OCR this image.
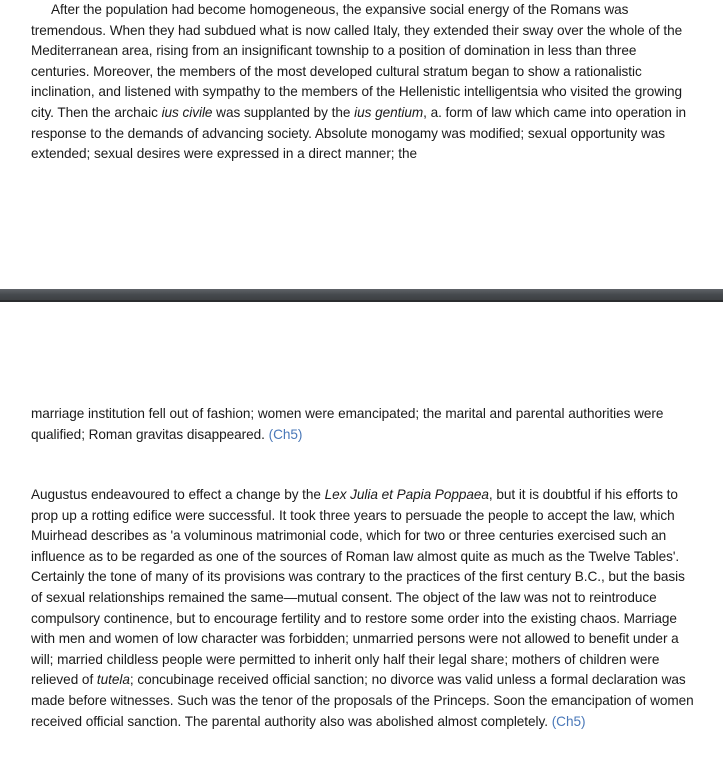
After the population had become homogeneous, the expansive social energy of the Romans was tremendous. When they had subdued what is now called Italy, they extended their sway over the whole of the Mediterranean area, rising from an insignificant township to a position of domination in less than three centuries. Moreover, the members of the most developed cultural stratum began to show a rationalistic inclination, and listened with sympathy to the members of the Hellenistic intelligentsia who visited the growing city. Then the archaic ius civile was supplanted by the ius gentium, a. form of law which came into operation in response to the demands of advancing society. Absolute monogamy was modified; sexual opportunity was extended; sexual desires were expressed in a direct manner; the

marriage institution fell out of fashion; women were emancipated; the marital and parental authorities were qualified; Roman gravitas disappeared. (Ch5)

Augustus endeavoured to effect a change by the Lex Julia et Papia Poppaea, but it is doubtful if his efforts to prop up a rotting edifice were successful. It took three years to persuade the people to accept the law, which Muirhead describes as 'a voluminous matrimonial code, which for two or three centuries exercised such an influence as to be regarded as one of the sources of Roman law almost quite as much as the Twelve Tables'. Certainly the tone of many of its provisions was contrary to the practices of the first century B.C., but the basis of sexual relationships remained the same—mutual consent. The object of the law was not to reintroduce compulsory continence, but to encourage fertility and to restore some order into the existing chaos. Marriage with men and women of low character was forbidden; unmarried persons were not allowed to benefit under a will; married childless people were permitted to inherit only half their legal share; mothers of children were relieved of tutela; concubinage received official sanction; no divorce was valid unless a formal declaration was made before witnesses. Such was the tenor of the proposals of the Princeps. Soon the emancipation of women received official sanction. The parental authority also was abolished almost completely. (Ch5)
